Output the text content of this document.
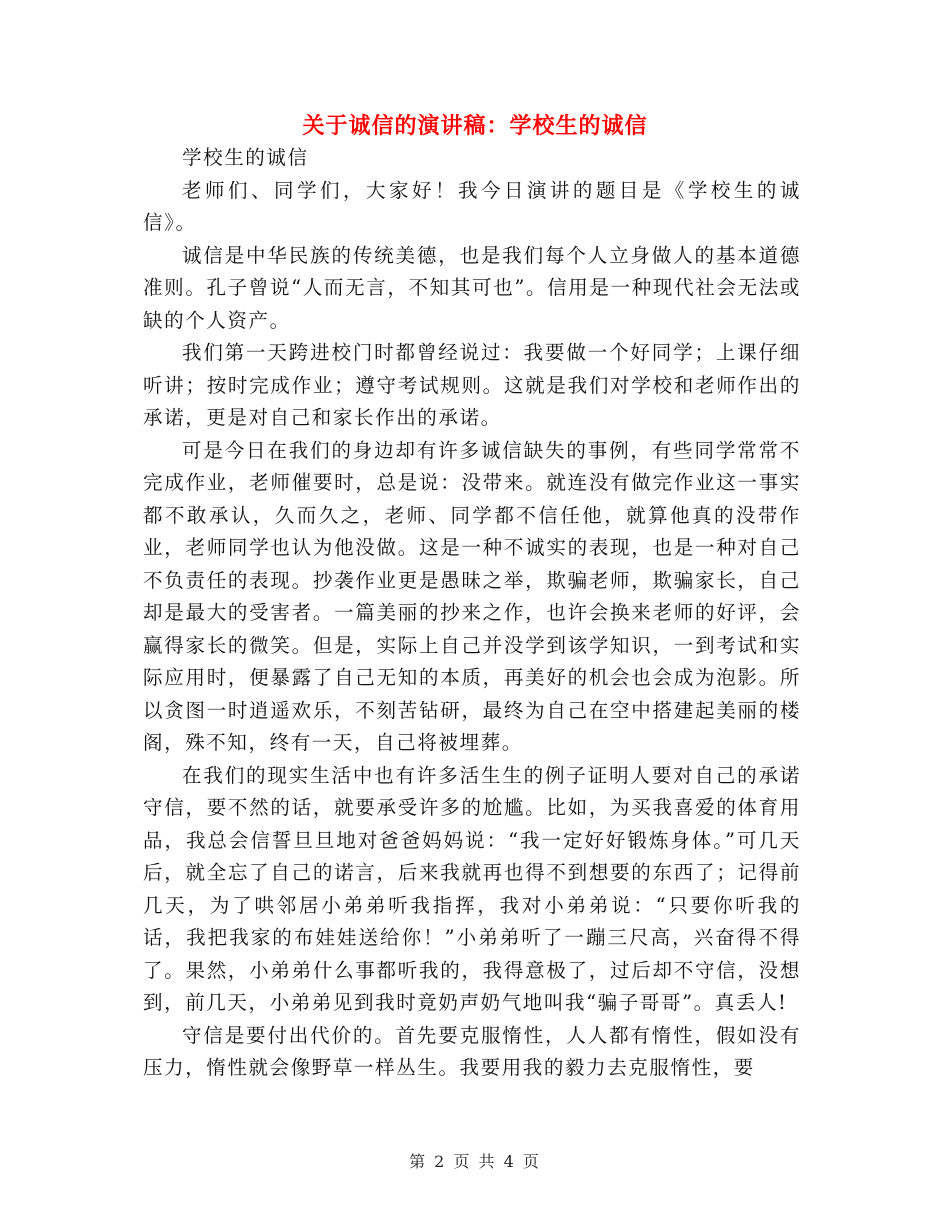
关于诚信的演讲稿：学校生的诚信

学校生的诚信

老师们、同学们，大家好！我今日演讲的题目是《学校生的诚信》。

诚信是中华民族的传统美德，也是我们每个人立身做人的基本道德准则。孔子曾说“人而无言，不知其可也”。信用是一种现代社会无法或缺的个人资产。

我们第一天跨进校门时都曾经说过：我要做一个好同学；上课仔细听讲；按时完成作业；遵守考试规则。这就是我们对学校和老师作出的承诺，更是对自己和家长作出的承诺。

可是今日在我们的身边却有许多诚信缺失的事例，有些同学常常不完成作业，老师催要时，总是说：没带来。就连没有做完作业这一事实都不敢承认，久而久之，老师、同学都不信任他，就算他真的没带作业，老师同学也认为他没做。这是一种不诚实的表现，也是一种对自己不负责任的表现。抄袭作业更是愚昧之举，欺骗老师，欺骗家长，自己却是最大的受害者。一篇美丽的抄来之作，也许会换来老师的好评，会赢得家长的微笑。但是，实际上自己并没学到该学知识，一到考试和实际应用时，便暴露了自己无知的本质，再美好的机会也会成为泡影。所以贪图一时逍遥欢乐，不刻苦钻研，最终为自己在空中搭建起美丽的楼阁，殊不知，终有一天，自己将被埋葬。

在我们的现实生活中也有许多活生生的例子证明人要对自己的承诺守信，要不然的话，就要承受许多的尬尴。比如，为买我喜爱的体育用品，我总会信誓旦旦地对爸爸妈妈说：“我一定好好锻炼身体。”可几天后，就全忘了自己的诺言，后来我就再也得不到想要的东西了；记得前几天，为了哄邻居小弟弟听我指挥，我对小弟弟说：“只要你听我的话，我把我家的布娃娃送给你！”小弟弟听了一蹦三尺高，兴奋得不得了。果然，小弟弟什么事都听我的，我得意极了，过后却不守信，没想到，前几天，小弟弟见到我时竟奶声奶气地叫我“骗子哥哥”。真丢人!

守信是要付出代价的。首先要克服惰性，人人都有惰性，假如没有压力，惰性就会像野草一样丛生。我要用我的毅力去克服惰性，要

第 2 页 共 4 页
